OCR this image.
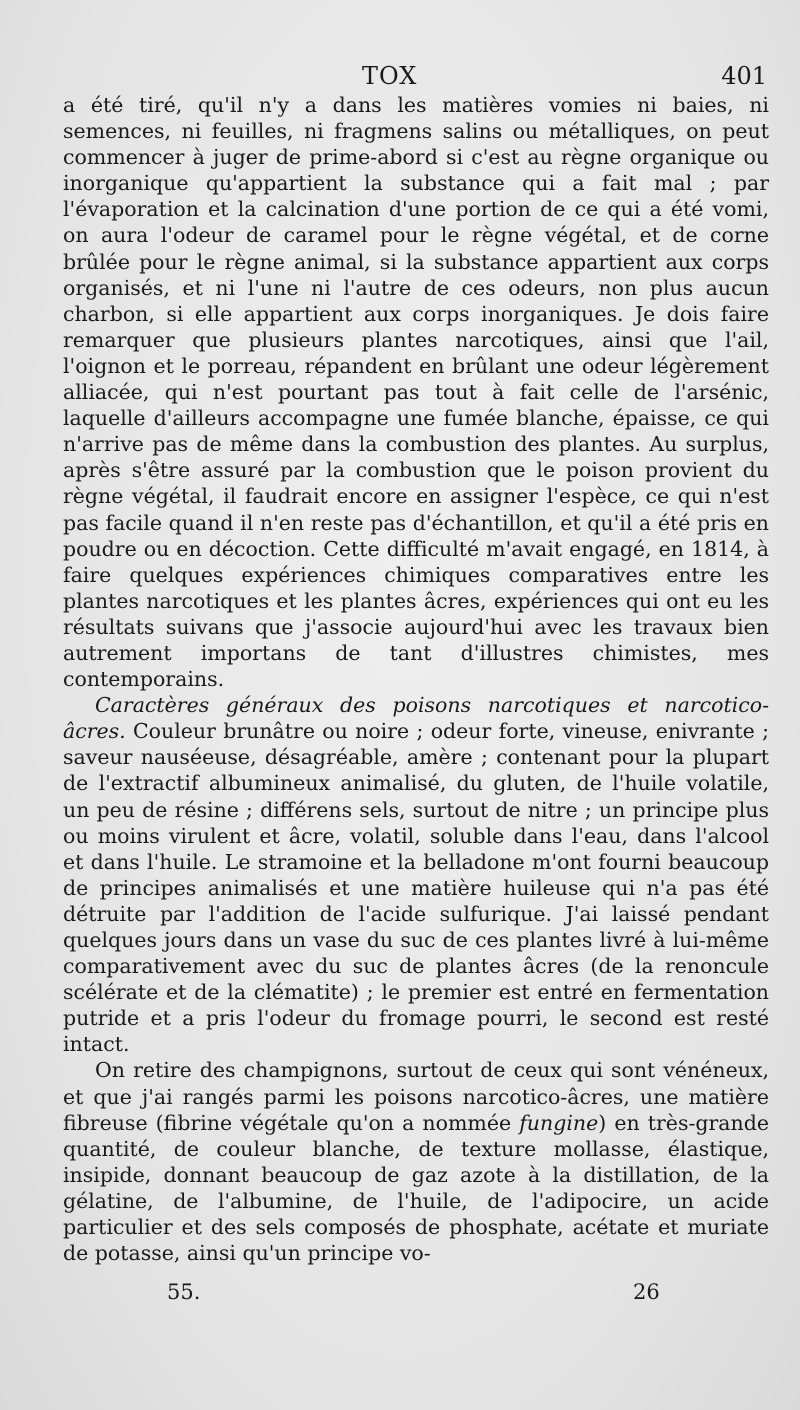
TOX	401

a été tiré, qu'il n'y a dans les matières vomies ni baies, ni semences, ni feuilles, ni fragmens salins ou métalliques, on peut commencer à juger de prime-abord si c'est au règne organique ou inorganique qu'appartient la substance qui a fait mal ; par l'évaporation et la calcination d'une portion de ce qui a été vomi, on aura l'odeur de caramel pour le règne végétal, et de corne brûlée pour le règne animal, si la substance appartient aux corps organisés, et ni l'une ni l'autre de ces odeurs, non plus aucun charbon, si elle appartient aux corps inorganiques. Je dois faire remarquer que plusieurs plantes narcotiques, ainsi que l'ail, l'oignon et le porreau, répandent en brûlant une odeur légèrement alliacée, qui n'est pourtant pas tout à fait celle de l'arsénic, laquelle d'ailleurs accompagne une fumée blanche, épaisse, ce qui n'arrive pas de même dans la combustion des plantes. Au surplus, après s'être assuré par la combustion que le poison provient du règne végétal, il faudrait encore en assigner l'espèce, ce qui n'est pas facile quand il n'en reste pas d'échantillon, et qu'il a été pris en poudre ou en décoction. Cette difficulté m'avait engagé, en 1814, à faire quelques expériences chimiques comparatives entre les plantes narcotiques et les plantes âcres, expériences qui ont eu les résultats suivans que j'associe aujourd'hui avec les travaux bien autrement importans de tant d'illustres chimistes, mes contemporains.

Caractères généraux des poisons narcotiques et narcotico-âcres. Couleur brunâtre ou noire ; odeur forte, vineuse, enivrante ; saveur nauséeuse, désagréable, amère ; contenant pour la plupart de l'extractif albumineux animalisé, du gluten, de l'huile volatile, un peu de résine ; différens sels, surtout de nitre ; un principe plus ou moins virulent et âcre, volatil, soluble dans l'eau, dans l'alcool et dans l'huile. Le stramoine et la belladone m'ont fourni beaucoup de principes animalisés et une matière huileuse qui n'a pas été détruite par l'addition de l'acide sulfurique. J'ai laissé pendant quelques jours dans un vase du suc de ces plantes livré à lui-même comparativement avec du suc de plantes âcres (de la renoncule scélérate et de la clématite) ; le premier est entré en fermentation putride et a pris l'odeur du fromage pourri, le second est resté intact.

On retire des champignons, surtout de ceux qui sont vénéneux, et que j'ai rangés parmi les poisons narcotico-âcres, une matière fibreuse (fibrine végétale qu'on a nommée fungine) en très-grande quantité, de couleur blanche, de texture mollasse, élastique, insipide, donnant beaucoup de gaz azote à la distillation, de la gélatine, de l'albumine, de l'huile, de l'adipocire, un acide particulier et des sels composés de phosphate, acétate et muriate de potasse, ainsi qu'un principe vo-

55.	26
